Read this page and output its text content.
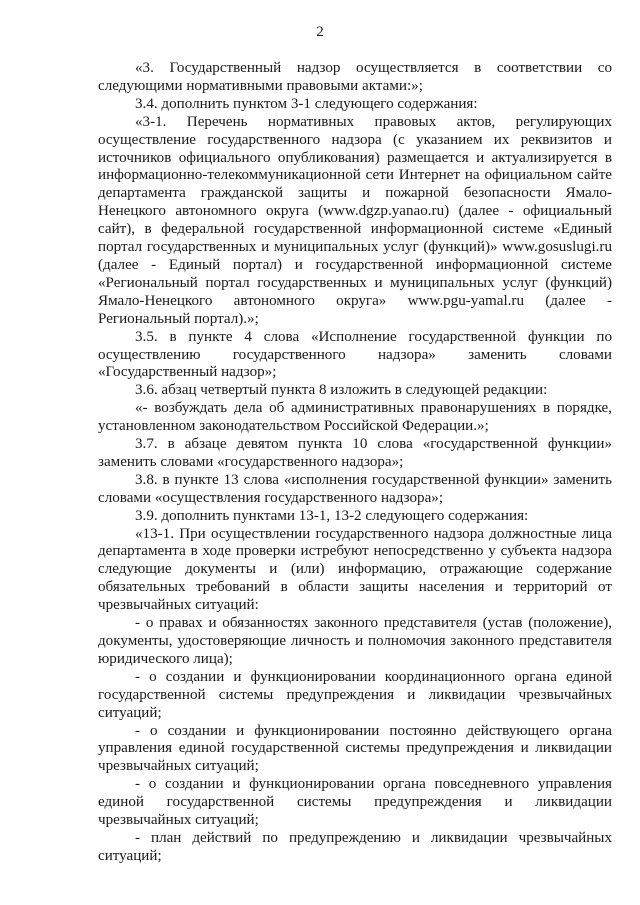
2

«3. Государственный надзор осуществляется в соответствии со следующими нормативными правовыми актами:»;

3.4. дополнить пунктом 3-1 следующего содержания:

«3-1. Перечень нормативных правовых актов, регулирующих осуществление государственного надзора (с указанием их реквизитов и источников официального опубликования) размещается и актуализируется в информационно-телекоммуникационной сети Интернет на официальном сайте департамента гражданской защиты и пожарной безопасности Ямало-Ненецкого автономного округа (www.dgzp.yanao.ru) (далее - официальный сайт), в федеральной государственной информационной системе «Единый портал государственных и муниципальных услуг (функций)» www.gosuslugi.ru (далее - Единый портал) и государственной информационной системе «Региональный портал государственных и муниципальных услуг (функций) Ямало-Ненецкого автономного округа» www.pgu-yamal.ru (далее - Региональный портал).»;

3.5. в пункте 4 слова «Исполнение государственной функции по осуществлению государственного надзора» заменить словами «Государственный надзор»;

3.6. абзац четвертый пункта 8 изложить в следующей редакции:

«- возбуждать дела об административных правонарушениях в порядке, установленном законодательством Российской Федерации.»;

3.7. в абзаце девятом пункта 10 слова «государственной функции» заменить словами «государственного надзора»;

3.8. в пункте 13 слова «исполнения государственной функции» заменить словами «осуществления государственного надзора»;

3.9. дополнить пунктами 13-1, 13-2 следующего содержания:

«13-1. При осуществлении государственного надзора должностные лица департамента в ходе проверки истребуют непосредственно у субъекта надзора следующие документы и (или) информацию, отражающие содержание обязательных требований в области защиты населения и территорий от чрезвычайных ситуаций:

- о правах и обязанностях законного представителя (устав (положение), документы, удостоверяющие личность и полномочия законного представителя юридического лица);

- о создании и функционировании координационного органа единой государственной системы предупреждения и ликвидации чрезвычайных ситуаций;

- о создании и функционировании постоянно действующего органа управления единой государственной системы предупреждения и ликвидации чрезвычайных ситуаций;

- о создании и функционировании органа повседневного управления единой государственной системы предупреждения и ликвидации чрезвычайных ситуаций;

- план действий по предупреждению и ликвидации чрезвычайных ситуаций;
